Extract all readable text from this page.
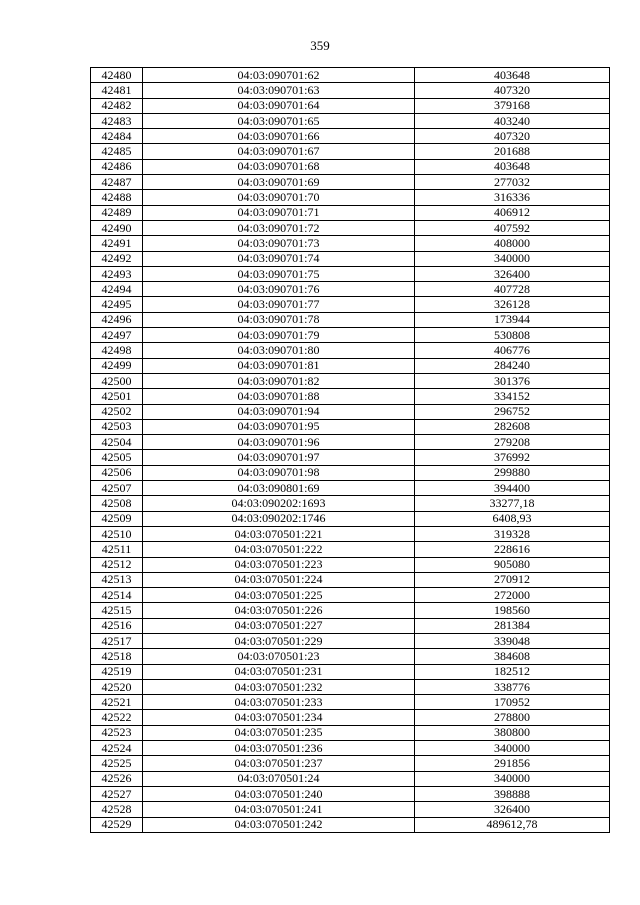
359
42480	04:03:090701:62	403648
42481	04:03:090701:63	407320
42482	04:03:090701:64	379168
42483	04:03:090701:65	403240
42484	04:03:090701:66	407320
42485	04:03:090701:67	201688
42486	04:03:090701:68	403648
42487	04:03:090701:69	277032
42488	04:03:090701:70	316336
42489	04:03:090701:71	406912
42490	04:03:090701:72	407592
42491	04:03:090701:73	408000
42492	04:03:090701:74	340000
42493	04:03:090701:75	326400
42494	04:03:090701:76	407728
42495	04:03:090701:77	326128
42496	04:03:090701:78	173944
42497	04:03:090701:79	530808
42498	04:03:090701:80	406776
42499	04:03:090701:81	284240
42500	04:03:090701:82	301376
42501	04:03:090701:88	334152
42502	04:03:090701:94	296752
42503	04:03:090701:95	282608
42504	04:03:090701:96	279208
42505	04:03:090701:97	376992
42506	04:03:090701:98	299880
42507	04:03:090801:69	394400
42508	04:03:090202:1693	33277,18
42509	04:03:090202:1746	6408,93
42510	04:03:070501:221	319328
42511	04:03:070501:222	228616
42512	04:03:070501:223	905080
42513	04:03:070501:224	270912
42514	04:03:070501:225	272000
42515	04:03:070501:226	198560
42516	04:03:070501:227	281384
42517	04:03:070501:229	339048
42518	04:03:070501:23	384608
42519	04:03:070501:231	182512
42520	04:03:070501:232	338776
42521	04:03:070501:233	170952
42522	04:03:070501:234	278800
42523	04:03:070501:235	380800
42524	04:03:070501:236	340000
42525	04:03:070501:237	291856
42526	04:03:070501:24	340000
42527	04:03:070501:240	398888
42528	04:03:070501:241	326400
42529	04:03:070501:242	489612,78
